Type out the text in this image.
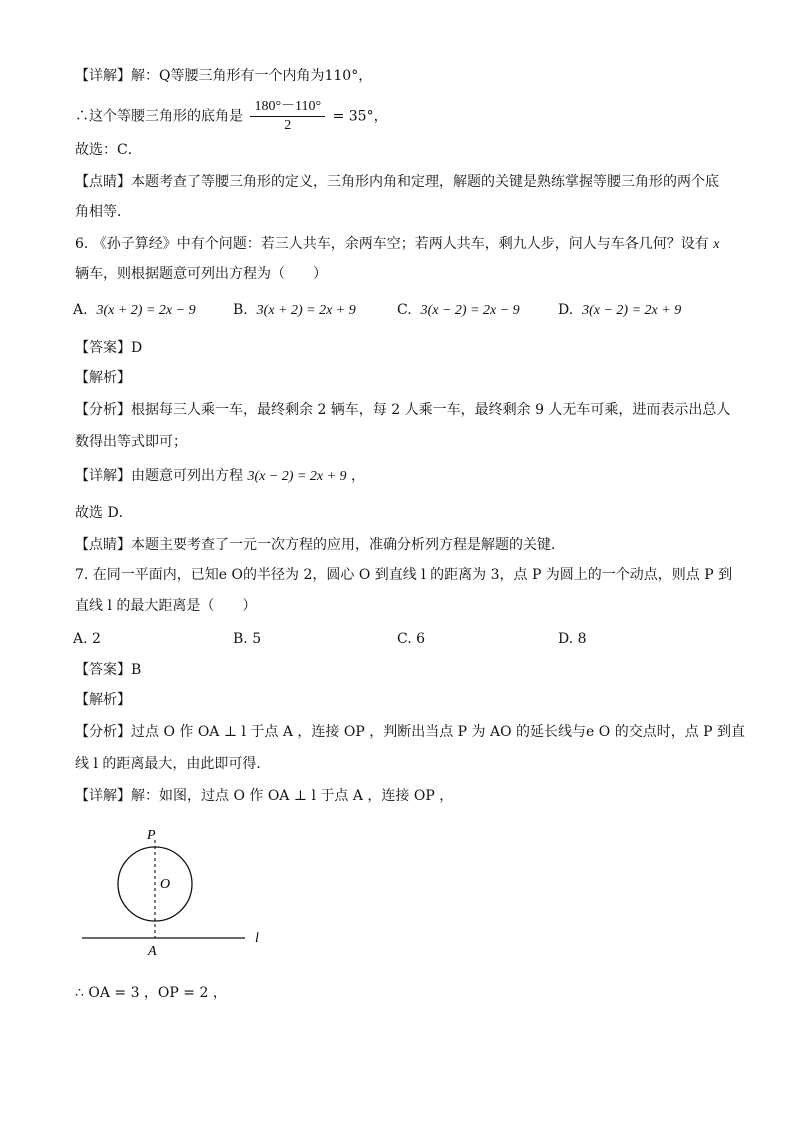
【详解】解：Q等腰三角形有一个内角为110°，
∴这个等腰三角形的底角是 $\frac{180^\circ-110^\circ}{2} = 35^\circ$，
故选：C．
【点睛】本题考查了等腰三角形的定义，三角形内角和定理，解题的关键是熟练掌握等腰三角形的两个底
角相等．
6. 《孙子算经》中有个问题：若三人共车，余两车空；若两人共车，剩九人步，问人与车各几何？设有 x
辆车，则根据题意可列出方程为（　　）
A. 3(x + 2) = 2x − 9	B. 3(x + 2) = 2x + 9	C. 3(x − 2) = 2x − 9	D. 3(x − 2) = 2x + 9
【答案】D
【解析】
【分析】根据每三人乘一车，最终剩余 2 辆车，每 2 人乘一车，最终剩余 9 人无车可乘，进而表示出总人
数得出等式即可；
【详解】由题意可列出方程 3(x − 2) = 2x + 9 ，
故选 D．
【点睛】本题主要考查了一元一次方程的应用，准确分析列方程是解题的关键．
7. 在同一平面内，已知e O的半径为 2，圆心 O 到直线 l 的距离为 3，点 P 为圆上的一个动点，则点 P 到
直线 l 的最大距离是（　　）
A. 2	B. 5	C. 6	D. 8
【答案】B
【解析】
【分析】过点 O 作 OA ⊥ l 于点 A ，连接 OP ，判断出当点 P 为 AO 的延长线与e O 的交点时，点 P 到直
线 l 的距离最大，由此即可得．
【详解】解：如图，过点 O 作 OA ⊥ l 于点 A ，连接 OP ，
P
O
A
l
∴ OA = 3 ，OP = 2 ，
